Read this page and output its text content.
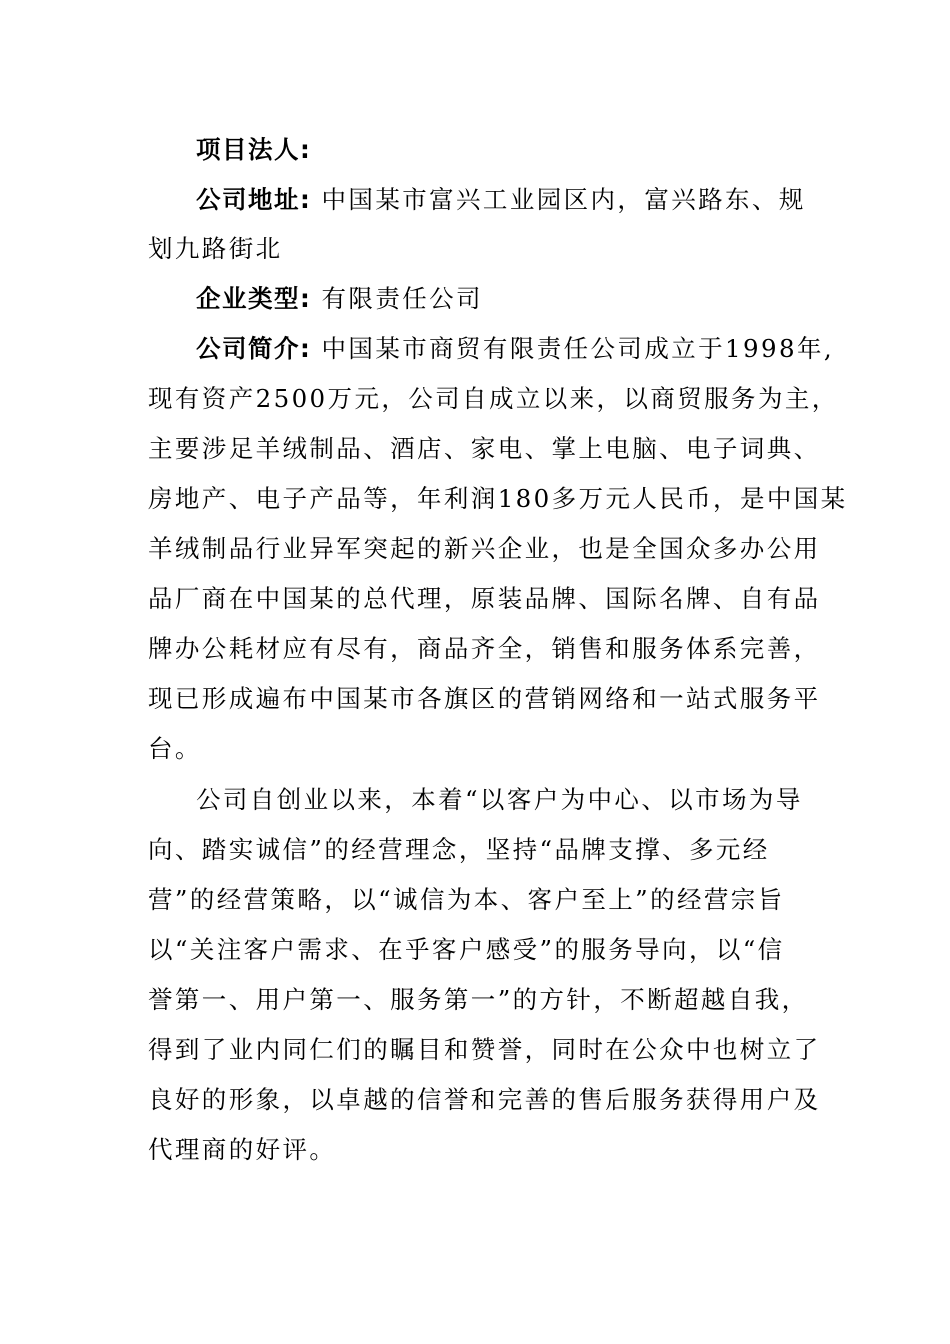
项目法人:
公司地址: 中国某市富兴工业园区内，富兴路东、规
划九路街北
企业类型: 有限责任公司
公司简介: 中国某市商贸有限责任公司成立于1998年,
现有资产2500万元，公司自成立以来，以商贸服务为主，
主要涉足羊绒制品、酒店、家电、掌上电脑、电子词典、
房地产、电子产品等，年利润180多万元人民币，是中国某
羊绒制品行业异军突起的新兴企业，也是全国众多办公用
品厂商在中国某的总代理，原装品牌、国际名牌、自有品
牌办公耗材应有尽有，商品齐全，销售和服务体系完善，
现已形成遍布中国某市各旗区的营销网络和一站式服务平
台。
公司自创业以来，本着“以客户为中心、以市场为导
向、踏实诚信”的经营理念，坚持“品牌支撑、多元经
营”的经营策略，以“诚信为本、客户至上”的经营宗旨
以“关注客户需求、在乎客户感受”的服务导向，以“信
誉第一、用户第一、服务第一”的方针，不断超越自我，
得到了业内同仁们的瞩目和赞誉，同时在公众中也树立了
良好的形象，以卓越的信誉和完善的售后服务获得用户及
代理商的好评。
